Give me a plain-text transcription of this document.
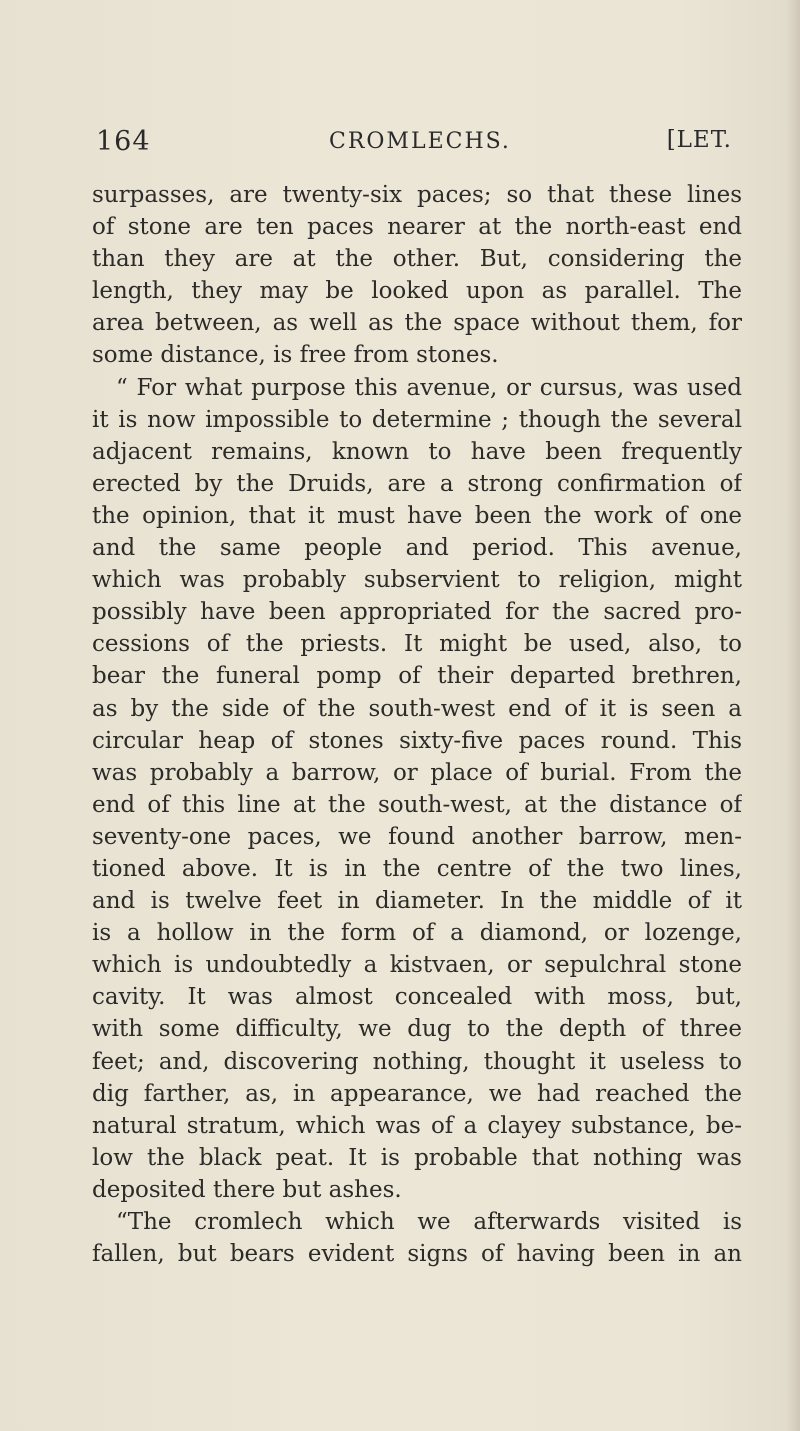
164	CROMLECHS.	[LET.
surpasses, are twenty-six paces; so that these lines
of stone are ten paces nearer at the north-east end
than they are at the other. But, considering the
length, they may be looked upon as parallel. The
area between, as well as the space without them, for
some distance, is free from stones.
“ For what purpose this avenue, or cursus, was used
it is now impossible to determine ; though the several
adjacent remains, known to have been frequently
erected by the Druids, are a strong confirmation of
the opinion, that it must have been the work of one
and the same people and period. This avenue,
which was probably subservient to religion, might
possibly have been appropriated for the sacred pro-
cessions of the priests. It might be used, also, to
bear the funeral pomp of their departed brethren,
as by the side of the south-west end of it is seen a
circular heap of stones sixty-five paces round. This
was probably a barrow, or place of burial. From the
end of this line at the south-west, at the distance of
seventy-one paces, we found another barrow, men-
tioned above. It is in the centre of the two lines,
and is twelve feet in diameter. In the middle of it
is a hollow in the form of a diamond, or lozenge,
which is undoubtedly a kistvaen, or sepulchral stone
cavity. It was almost concealed with moss, but,
with some difficulty, we dug to the depth of three
feet; and, discovering nothing, thought it useless to
dig farther, as, in appearance, we had reached the
natural stratum, which was of a clayey substance, be-
low the black peat. It is probable that nothing was
deposited there but ashes.
“The cromlech which we afterwards visited is
fallen, but bears evident signs of having been in an
